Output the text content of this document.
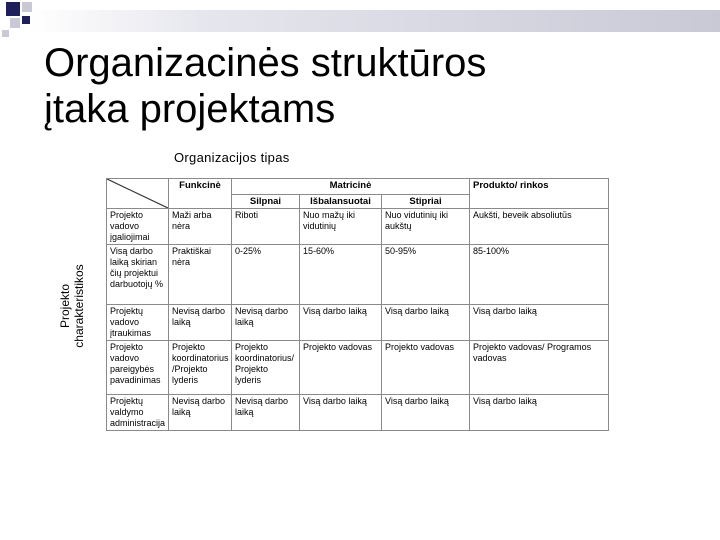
Organizacinės struktūros
įtaka projektams
Organizacijos tipas
Projekto charakteristikos
	Funkcinė	Matricinė			Produkto/ rinkos
		Silpnai	Išbalansuotai	Stipriai	
Projekto vadovo įgaliojimai	Maži arba nėra	Riboti	Nuo mažų iki vidutinių	Nuo vidutinių iki aukštų	Aukšti, beveik absoliutūs
Visą darbo laiką skirian čių projektui darbuotojų %	Praktiškai nėra	0-25%	15-60%	50-95%	85-100%
Projektų vadovo įtraukimas	Nevisą darbo laiką	Nevisą darbo laiką	Visą darbo laiką	Visą darbo laiką	Visą darbo laiką
Projekto vadovo pareigybės pavadinimas	Projekto koordinatorius /Projekto lyderis	Projekto koordinatorius/ Projekto lyderis	Projekto vadovas	Projekto vadovas	Projekto vadovas/ Programos vadovas
Projektų valdymo administracija	Nevisą darbo laiką	Nevisą darbo laiką	Visą darbo laiką	Visą darbo laiką	Visą darbo laiką
